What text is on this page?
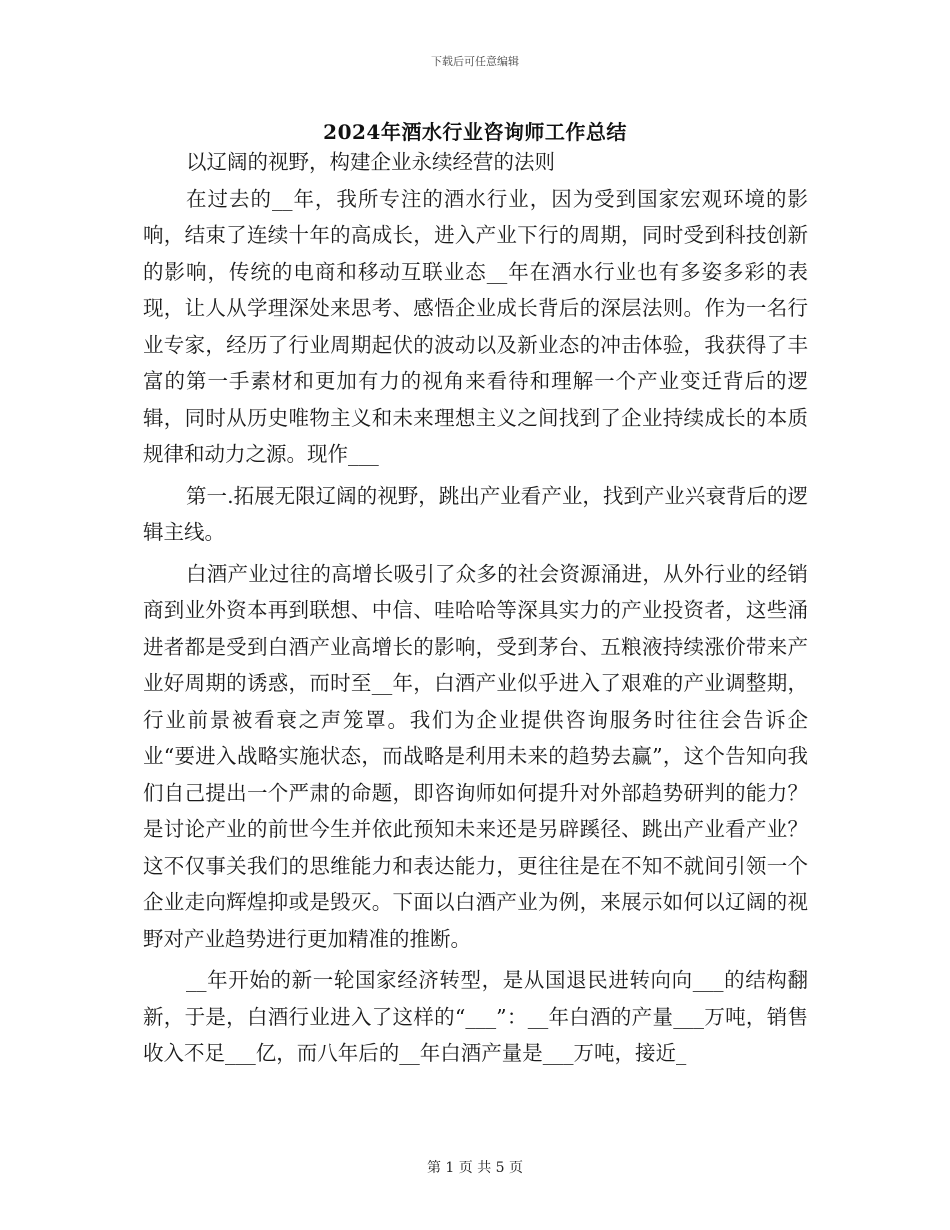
下载后可任意编辑
2024年酒水行业咨询师工作总结

以辽阔的视野，构建企业永续经营的法则

在过去的__年，我所专注的酒水行业，因为受到国家宏观环境的影响，结束了连续十年的高成长，进入产业下行的周期，同时受到科技创新的影响，传统的电商和移动互联业态__年在酒水行业也有多姿多彩的表现，让人从学理深处来思考、感悟企业成长背后的深层法则。作为一名行业专家，经历了行业周期起伏的波动以及新业态的冲击体验，我获得了丰富的第一手素材和更加有力的视角来看待和理解一个产业变迁背后的逻辑，同时从历史唯物主义和未来理想主义之间找到了企业持续成长的本质规律和动力之源。现作___

第一.拓展无限辽阔的视野，跳出产业看产业，找到产业兴衰背后的逻辑主线。

白酒产业过往的高增长吸引了众多的社会资源涌进，从外行业的经销商到业外资本再到联想、中信、哇哈哈等深具实力的产业投资者，这些涌进者都是受到白酒产业高增长的影响，受到茅台、五粮液持续涨价带来产业好周期的诱惑，而时至__年，白酒产业似乎进入了艰难的产业调整期，行业前景被看衰之声笼罩。我们为企业提供咨询服务时往往会告诉企业“要进入战略实施状态，而战略是利用未来的趋势去赢”，这个告知向我们自己提出一个严肃的命题，即咨询师如何提升对外部趋势研判的能力？是讨论产业的前世今生并依此预知未来还是另辟蹊径、跳出产业看产业？这不仅事关我们的思维能力和表达能力，更往往是在不知不就间引领一个企业走向辉煌抑或是毁灭。下面以白酒产业为例，来展示如何以辽阔的视野对产业趋势进行更加精准的推断。

__年开始的新一轮国家经济转型，是从国退民进转向向___的结构翻新，于是，白酒行业进入了这样的“___”：__年白酒的产量___万吨，销售收入不足___亿，而八年后的__年白酒产量是___万吨，接近_

第 1 页 共 5 页
